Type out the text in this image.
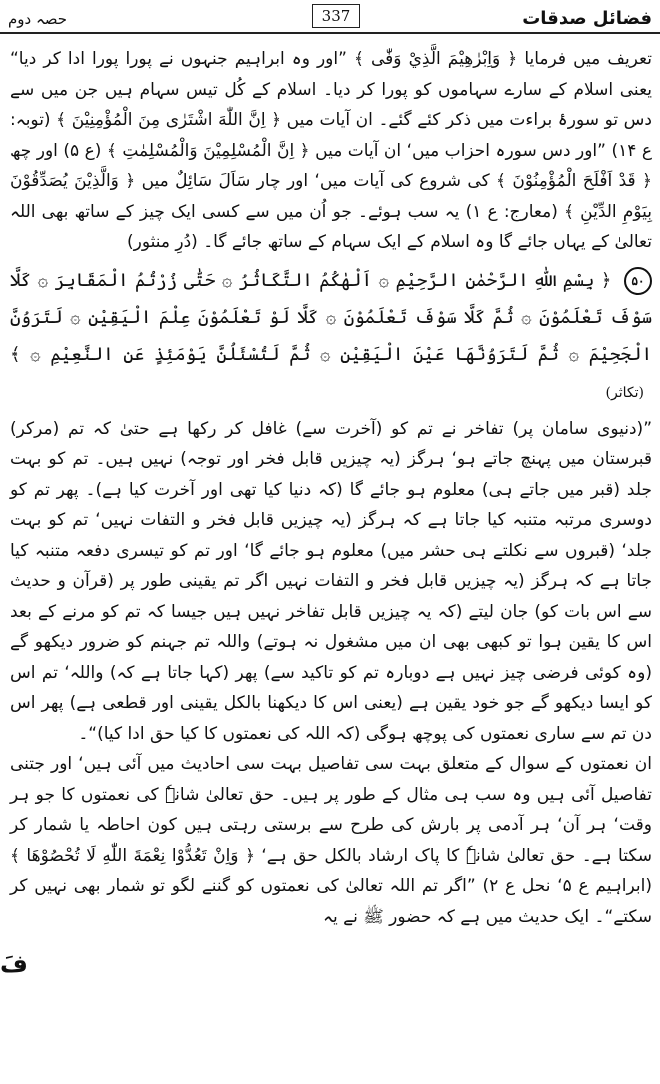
حصہ دوم	337	فضائل صدقات

تعریف میں فرمایا ﴿ وَاِبْرٰهِيْمَ الَّذِيْ وَفّٰى ﴾ ”اور وہ ابراہیم جنہوں نے پورا پورا ادا کر دیا“ یعنی اسلام کے سارے سہاموں کو پورا کر دیا۔ اسلام کے کُل تیس سہام ہیں جن میں سے دس تو سورۂ براءت میں ذکر کئے گئے۔ ان آیات میں ﴿ اِنَّ اللّٰهَ اشْتَرٰى مِنَ الْمُؤْمِنِيْنَ ﴾ (توبہ: ع ۱۴) ”اور دس سورہ احزاب میں‘ ان آیات میں ﴿ اِنَّ الْمُسْلِمِيْنَ وَالْمُسْلِمٰتِ ﴾ (ع ۵) اور چھ ﴿ قَدْ اَفْلَحَ الْمُؤْمِنُوْنَ ﴾ کی شروع کی آیات میں‘ اور چار سَاَلَ سَائِلٌ میں ﴿ وَالَّذِيْنَ يُصَدِّقُوْنَ بِيَوْمِ الدِّيْنِ ﴾ (معارج: ع ۱) یہ سب ہوئے۔ جو اُن میں سے کسی ایک چیز کے ساتھ بھی اللہ تعالیٰ کے یہاں جائے گا وہ اسلام کے ایک سہام کے ساتھ جائے گا۔ (دُرِ منثور)

۵۰ ﴿ بِسْمِ اللّٰهِ الرَّحْمٰنِ الرَّحِيْمِ ۞ اَلْهٰكُمُ التَّكَاثُرُ ۞ حَتّٰى زُرْتُمُ الْمَقَابِرَ ۞ كَلَّا سَوْفَ تَعْلَمُوْنَ ۞ ثُمَّ كَلَّا سَوْفَ تَعْلَمُوْنَ ۞ كَلَّا لَوْ تَعْلَمُوْنَ عِلْمَ الْيَقِيْنِ ۞ لَتَرَوُنَّ الْجَحِيْمَ ۞ ثُمَّ لَتَرَوُنَّهَا عَيْنَ الْيَقِيْنِ ۞ ثُمَّ لَتُسْئَلُنَّ يَوْمَئِذٍ عَنِ النَّعِيْمِ ۞ ﴾ (تکاثر)

”(دنیوی سامان پر) تفاخر نے تم کو (آخرت سے) غافل کر رکھا ہے حتیٰ کہ تم (مرکر) قبرستان میں پہنچ جاتے ہو‘ ہرگز (یہ چیزیں قابل فخر اور توجہ) نہیں ہیں۔ تم کو بہت جلد (قبر میں جاتے ہی) معلوم ہو جائے گا (کہ دنیا کیا تھی اور آخرت کیا ہے)۔ پھر تم کو دوسری مرتبہ متنبہ کیا جاتا ہے کہ ہرگز (یہ چیزیں قابل فخر و التفات نہیں‘ تم کو بہت جلد‘ (قبروں سے نکلتے ہی حشر میں) معلوم ہو جائے گا‘ اور تم کو تیسری دفعہ متنبہ کیا جاتا ہے کہ ہرگز (یہ چیزیں قابل فخر و التفات نہیں اگر تم یقینی طور پر (قرآن و حدیث سے اس بات کو) جان لیتے (کہ یہ چیزیں قابل تفاخر نہیں ہیں جیسا کہ تم کو مرنے کے بعد اس کا یقین ہوا تو کبھی بھی ان میں مشغول نہ ہوتے) واللہ تم جہنم کو ضرور دیکھو گے (وہ کوئی فرضی چیز نہیں ہے دوبارہ تم کو تاکید سے) پھر (کہا جاتا ہے کہ) واللہ‘ تم اس کو ایسا دیکھو گے جو خود یقین ہے (یعنی اس کا دیکھنا بالکل یقینی اور قطعی ہے) پھر اس دن تم سے ساری نعمتوں کی پوچھ ہوگی (کہ اللہ کی نعمتوں کا کیا حق ادا کیا)“۔

ان نعمتوں کے سوال کے متعلق بہت سی تفاصیل بہت سی احادیث میں آئی ہیں‘ اور جتنی تفاصیل آئی ہیں وہ سب ہی مثال کے طور پر ہیں۔ حق تعالیٰ شانہٗ کی نعمتوں کا جو ہر وقت‘ ہر آن‘ ہر آدمی پر بارش کی طرح سے برستی رہتی ہیں کون احاطہ یا شمار کر سکتا ہے۔ حق تعالیٰ شانہٗ کا پاک ارشاد بالکل حق ہے‘ ﴿ وَاِنْ تَعُدُّوْا نِعْمَةَ اللّٰهِ لَا تُحْصُوْهَا ﴾ (ابراہیم ع ۵‘ نحل ع ۲) ”اگر تم اللہ تعالیٰ کی نعمتوں کو گننے لگو تو شمار بھی نہیں کر سکتے“۔ ایک حدیث میں ہے کہ حضور ﷺ نے یہ

فَ
